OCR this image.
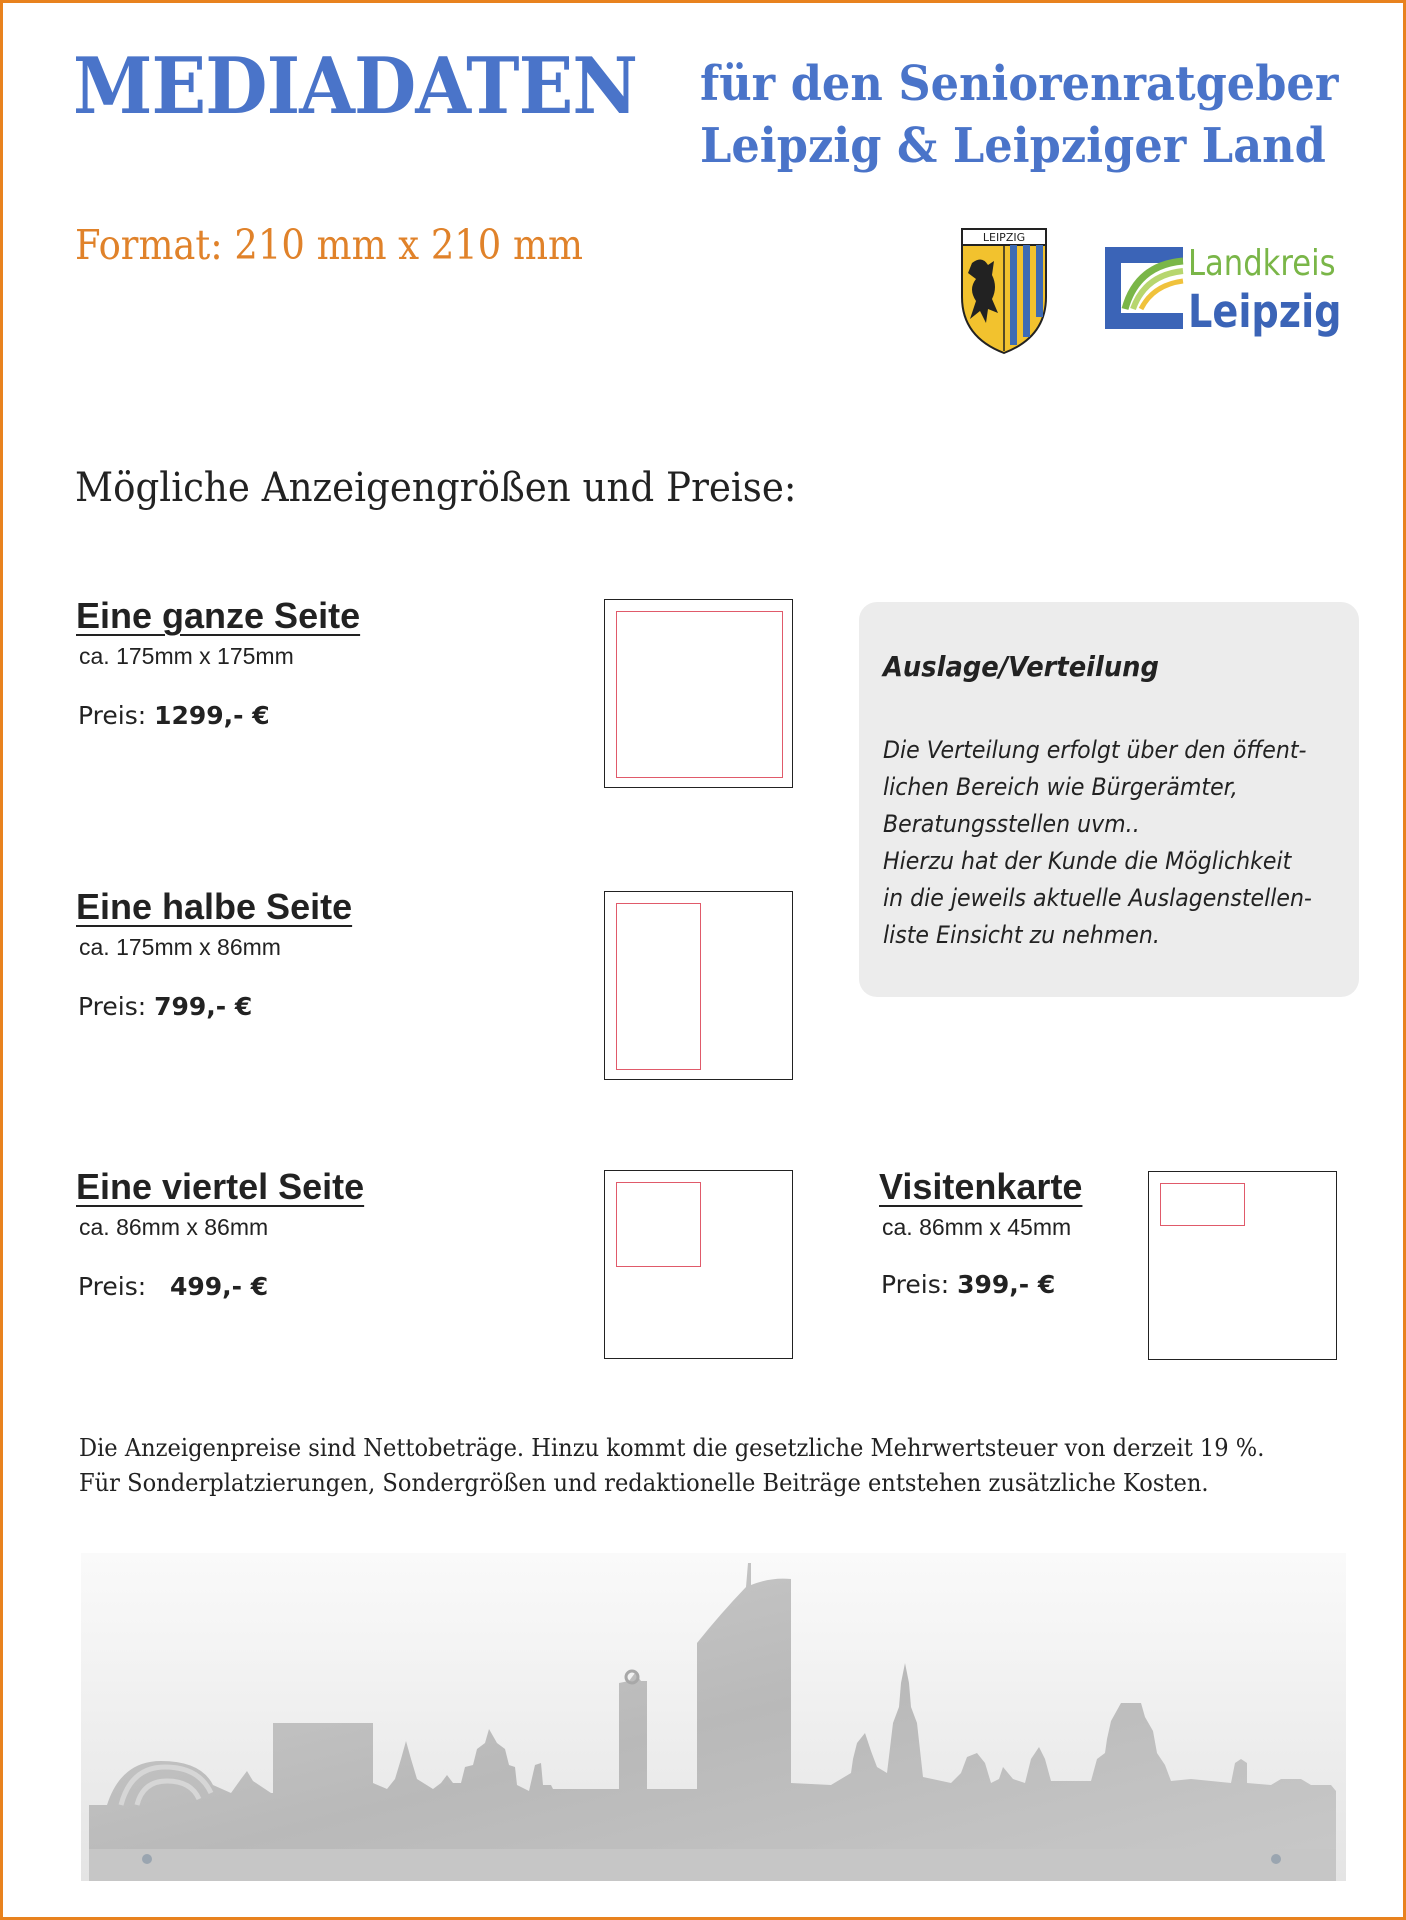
MEDIADATEN für den Seniorenratgeber
Leipzig & Leipziger Land
Format: 210 mm x 210 mm	LEIPZIG
Landkreis
Leipzig
Mögliche Anzeigengrößen und Preise:
Eine ganze Seite
ca. 175mm x 175mm
Preis: 1299,- €
Eine halbe Seite
ca. 175mm x 86mm
Preis: 799,- €
Eine viertel Seite
ca. 86mm x 86mm
Preis: 499,- €
Visitenkarte
ca. 86mm x 45mm
Preis: 399,- €
Auslage/Verteilung
Die Verteilung erfolgt über den öffent-
lichen Bereich wie Bürgerämter,
Beratungsstellen uvm..
Hierzu hat der Kunde die Möglichkeit
in die jeweils aktuelle Auslagenstellen-
liste Einsicht zu nehmen.
Die Anzeigenpreise sind Nettobeträge. Hinzu kommt die gesetzliche Mehrwertsteuer von derzeit 19 %.
Für Sonderplatzierungen, Sondergrößen und redaktionelle Beiträge entstehen zusätzliche Kosten.
